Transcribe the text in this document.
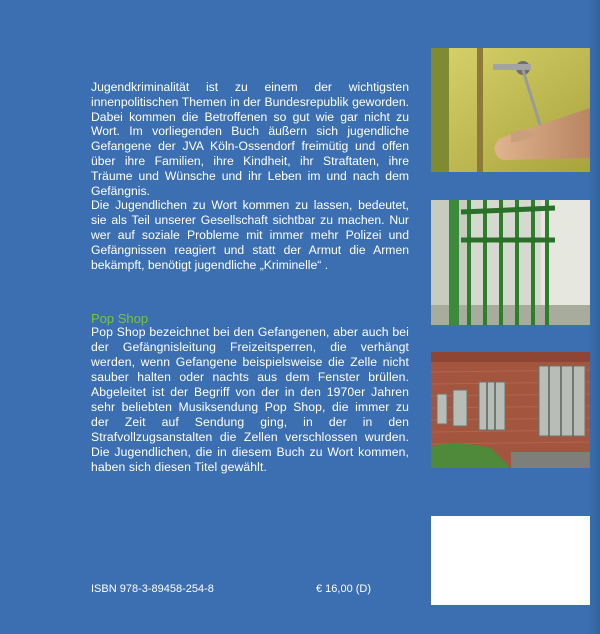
Jugendkriminalität ist zu einem der wichtigsten innenpolitischen Themen in der Bundesrepublik geworden. Dabei kommen die Betroffenen so gut wie gar nicht zu Wort. Im vorliegenden Buch äußern sich jugendliche Gefangene der JVA Köln-Ossendorf freimütig und offen über ihre Familien, ihre Kindheit, ihr Straftaten, ihre Träume und Wünsche und ihr Leben im und nach dem Gefängnis.

Die Jugendlichen zu Wort kommen zu lassen, bedeutet, sie als Teil unserer Gesellschaft sichtbar zu machen. Nur wer auf soziale Probleme mit immer mehr Polizei und Gefängnissen reagiert und statt der Armut die Armen bekämpft, benötigt jugendliche „Kriminelle“ .

Pop Shop

Pop Shop bezeichnet bei den Gefangenen, aber auch bei der Gefängnisleitung Freizeitsperren, die verhängt werden, wenn Gefangene beispielsweise die Zelle nicht sauber halten oder nachts aus dem Fenster brüllen. Abgeleitet ist der Begriff von der in den 1970er Jahren sehr beliebten Musiksendung Pop Shop, die immer zu der Zeit auf Sendung ging, in der in den Strafvollzugsanstalten die Zellen verschlossen wurden. Die Jugendlichen, die in diesem Buch zu Wort kommen, haben sich diesen Titel gewählt.

ISBN 978-3-89458-254-8	€ 16,00 (D)
